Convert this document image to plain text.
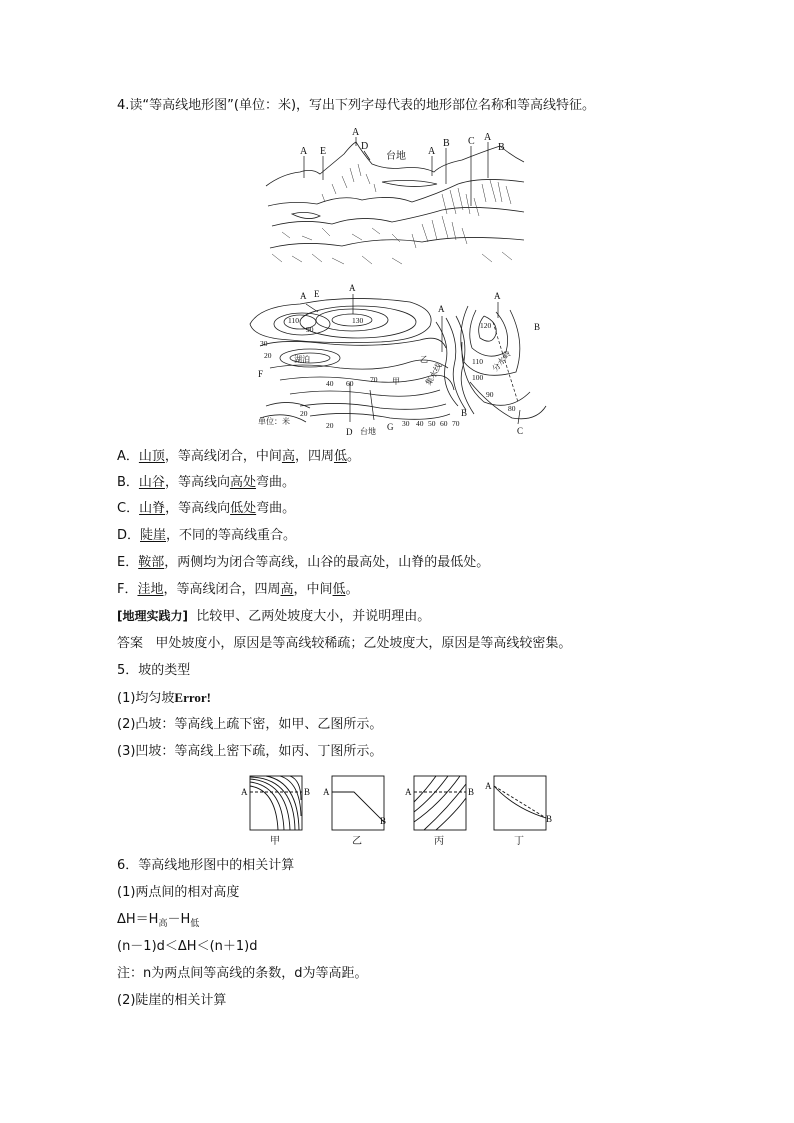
4.读“等高线地形图”(单位：米)，写出下列字母代表的地形部位名称和等高线特征。
A E
A
D
台地 A
B C A
B
A E
A
A
A
B
F
D	G
B
C
110
90
130
30
20
40 60 70
30 40 50 60 70
120
110
100
90
80
20
20
湖泊
甲
台地
单位：米
乙	分水岭
集水线
A．山顶，等高线闭合，中间高，四周低。
B．山谷，等高线向高处弯曲。
C．山脊，等高线向低处弯曲。
D．陡崖，不同的等高线重合。
E．鞍部，两侧均为闭合等高线，山谷的最高处，山脊的最低处。
F．洼地，等高线闭合，四周高，中间低。
[地理实践力] 比较甲、乙两处坡度大小，并说明理由。
答案 甲处坡度小，原因是等高线较稀疏；乙处坡度大，原因是等高线较密集。
5．坡的类型
(1)均匀坡Error!
(2)凸坡：等高线上疏下密，如甲、乙图所示。
(3)凹坡：等高线上密下疏，如丙、丁图所示。
A	B A
B
A	B
A
B
甲	乙	丙	丁
6．等高线地形图中的相关计算
(1)两点间的相对高度
$\Delta H=H_高-H_低$
(n－1)d＜ΔH＜(n＋1)d
注：n为两点间等高线的条数，d为等高距。
(2)陡崖的相关计算
